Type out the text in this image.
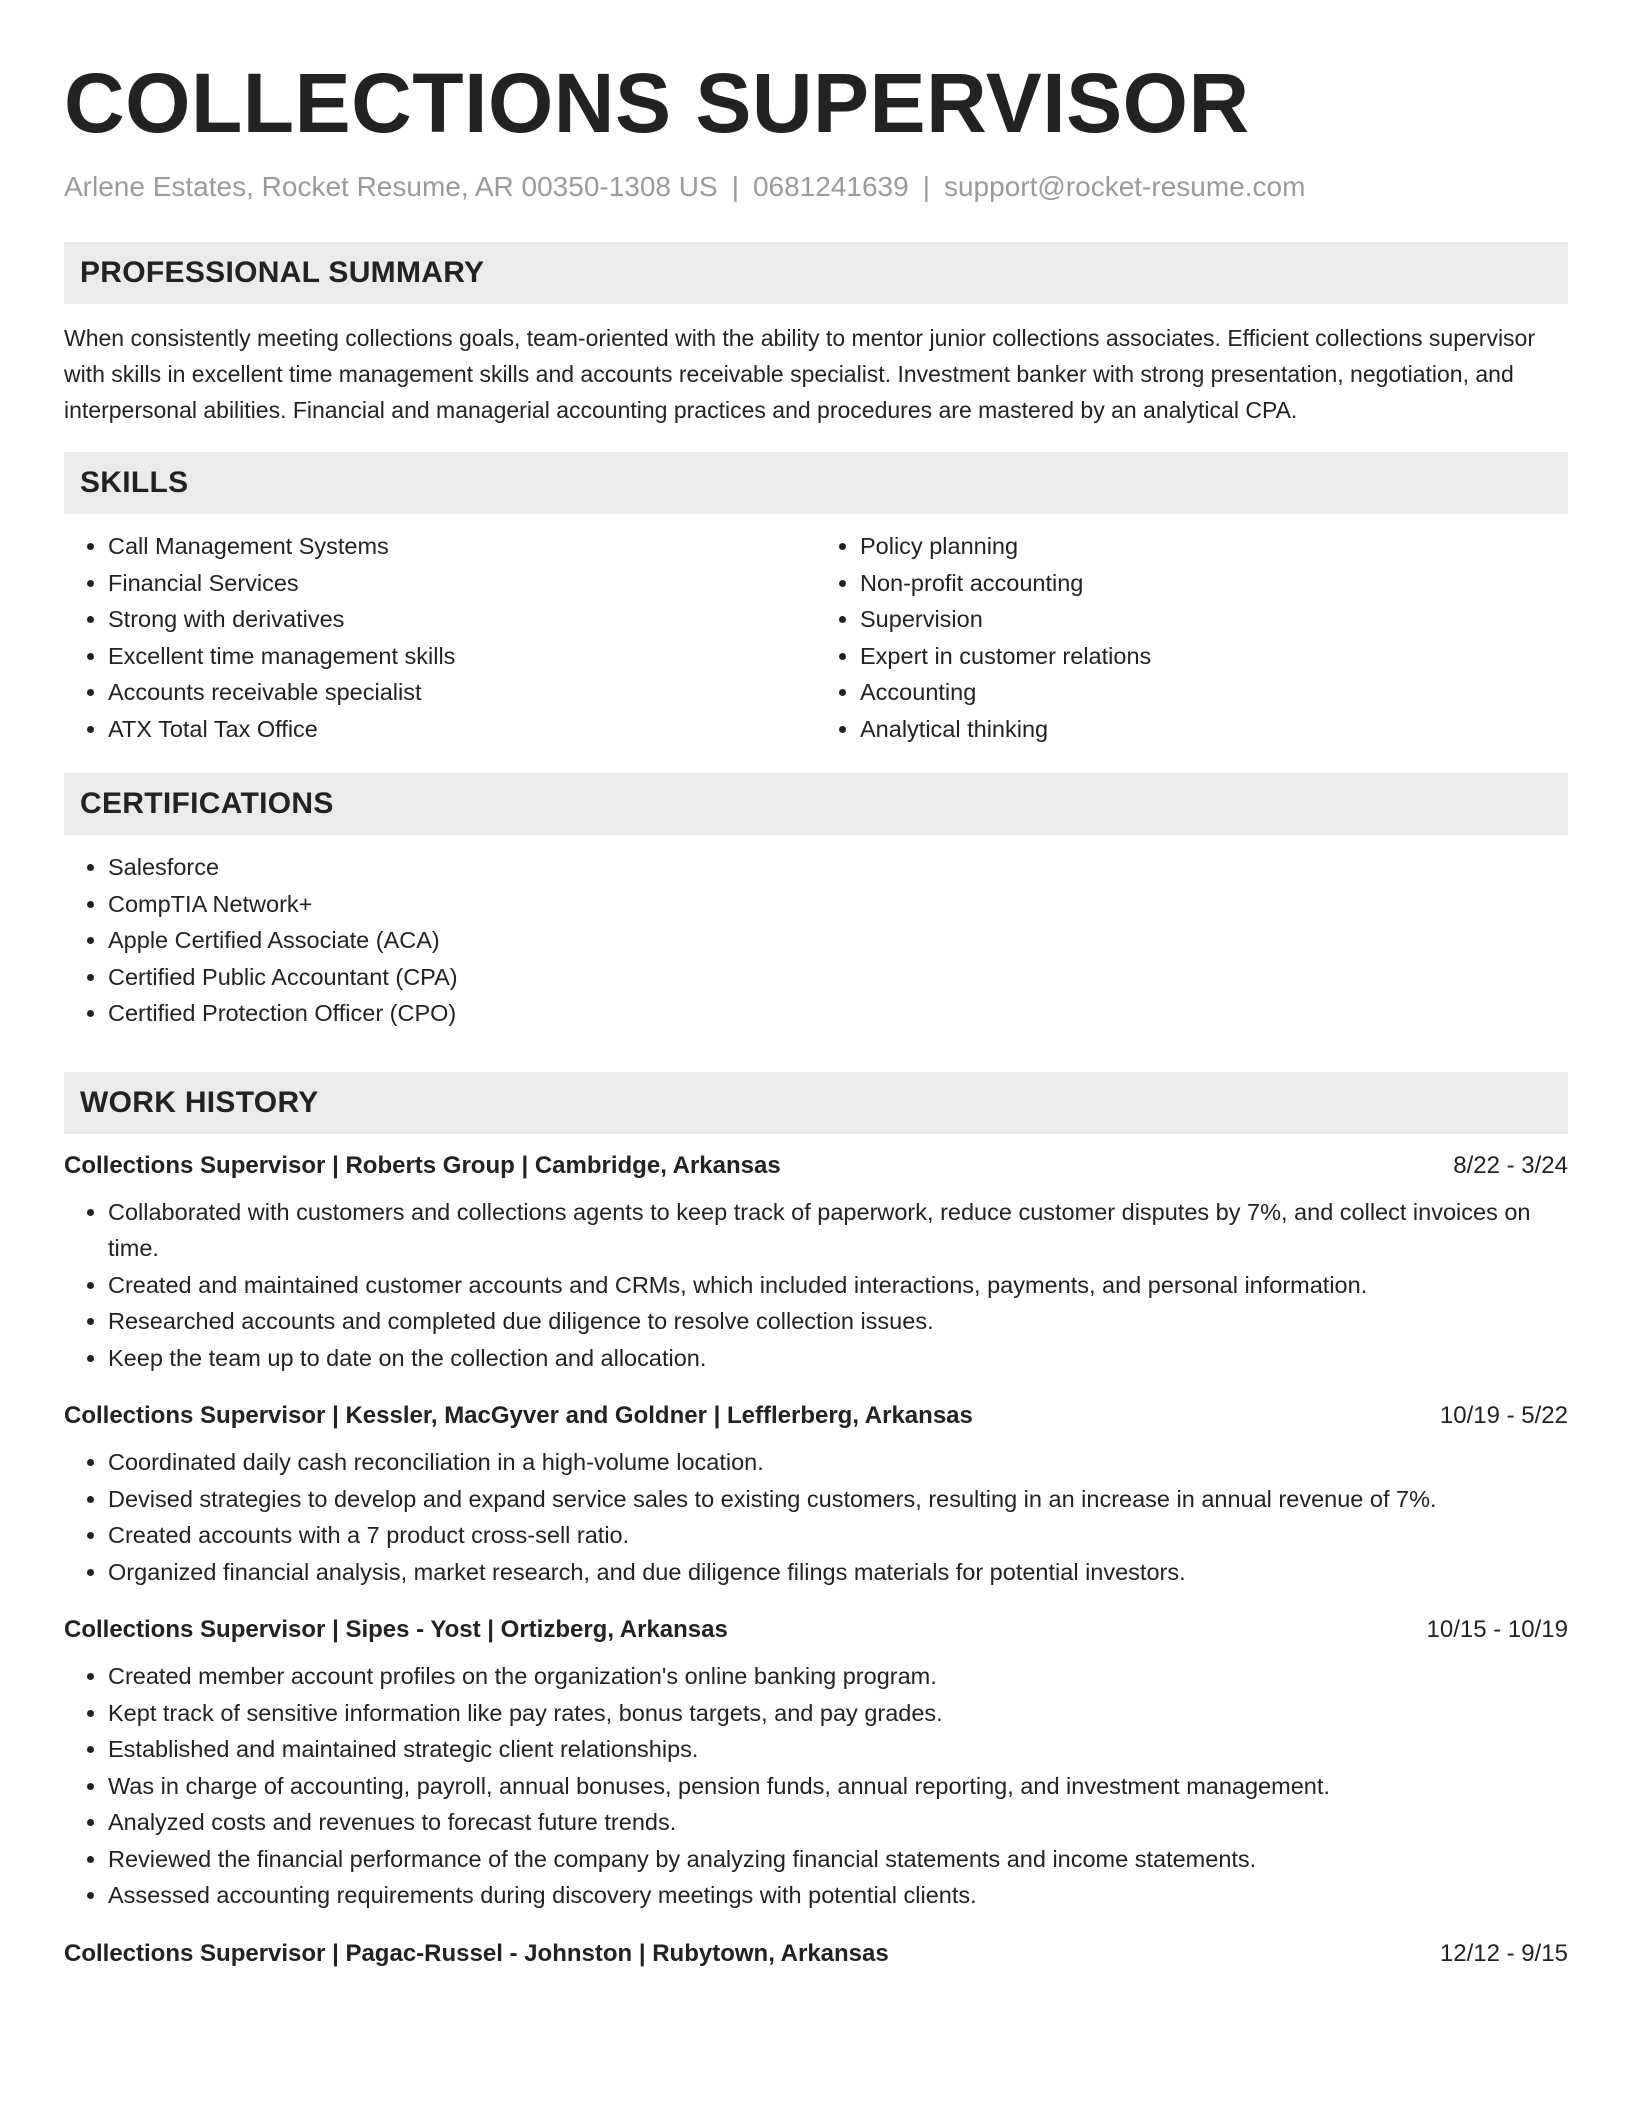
COLLECTIONS SUPERVISOR
Arlene Estates, Rocket Resume, AR 00350-1308 US | 0681241639 | support@rocket-resume.com
PROFESSIONAL SUMMARY

When consistently meeting collections goals, team-oriented with the ability to mentor junior collections associates. Efficient collections supervisor with skills in excellent time management skills and accounts receivable specialist. Investment banker with strong presentation, negotiation, and interpersonal abilities. Financial and managerial accounting practices and procedures are mastered by an analytical CPA.

SKILLS
• Call Management Systems
• Financial Services
• Strong with derivatives
• Excellent time management skills
• Accounts receivable specialist
• ATX Total Tax Office
• Policy planning
• Non-profit accounting
• Supervision
• Expert in customer relations
• Accounting
• Analytical thinking
CERTIFICATIONS
• Salesforce
• CompTIA Network+
• Apple Certified Associate (ACA)
• Certified Public Accountant (CPA)
• Certified Protection Officer (CPO)
WORK HISTORY
Collections Supervisor | Roberts Group | Cambridge, Arkansas	8/22 - 3/24
• Collaborated with customers and collections agents to keep track of paperwork, reduce customer disputes by 7%, and collect invoices on time.
• Created and maintained customer accounts and CRMs, which included interactions, payments, and personal information.
• Researched accounts and completed due diligence to resolve collection issues.
• Keep the team up to date on the collection and allocation.
Collections Supervisor | Kessler, MacGyver and Goldner | Lefflerberg, Arkansas	10/19 - 5/22
• Coordinated daily cash reconciliation in a high-volume location.
• Devised strategies to develop and expand service sales to existing customers, resulting in an increase in annual revenue of 7%.
• Created accounts with a 7 product cross-sell ratio.
• Organized financial analysis, market research, and due diligence filings materials for potential investors.
Collections Supervisor | Sipes - Yost | Ortizberg, Arkansas	10/15 - 10/19
• Created member account profiles on the organization's online banking program.
• Kept track of sensitive information like pay rates, bonus targets, and pay grades.
• Established and maintained strategic client relationships.
• Was in charge of accounting, payroll, annual bonuses, pension funds, annual reporting, and investment management.
• Analyzed costs and revenues to forecast future trends.
• Reviewed the financial performance of the company by analyzing financial statements and income statements.
• Assessed accounting requirements during discovery meetings with potential clients.
Collections Supervisor | Pagac-Russel - Johnston | Rubytown, Arkansas	12/12 - 9/15
